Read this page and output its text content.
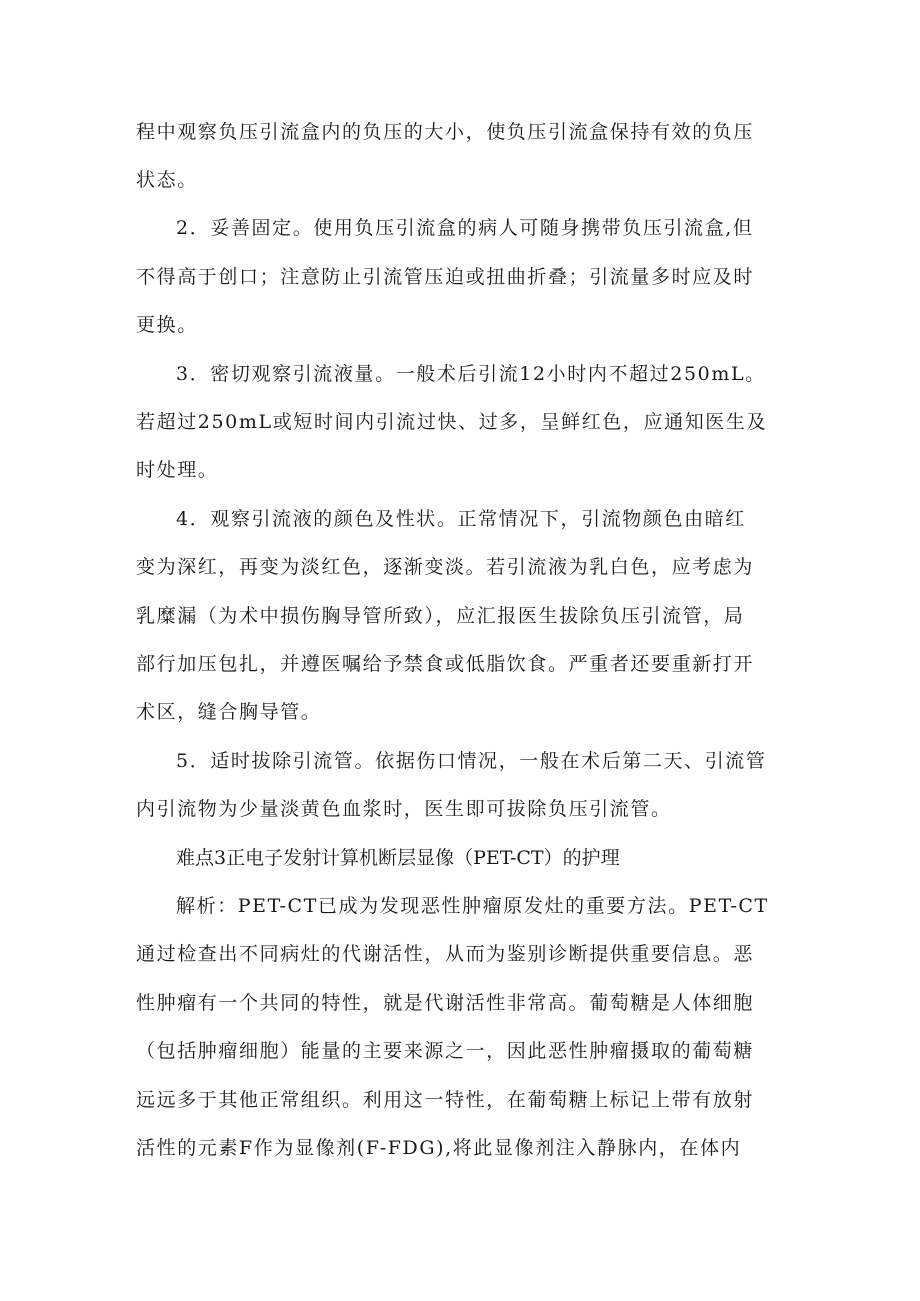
程中观察负压引流盒内的负压的大小，使负压引流盒保持有效的负压

状态。

2．妥善固定。使用负压引流盒的病人可随身携带负压引流盒,但

不得高于创口；注意防止引流管压迫或扭曲折叠；引流量多时应及时

更换。

3．密切观察引流液量。一般术后引流12小时内不超过250mL。

若超过250mL或短时间内引流过快、过多，呈鲜红色，应通知医生及

时处理。

4．观察引流液的颜色及性状。正常情况下，引流物颜色由暗红

变为深红，再变为淡红色，逐渐变淡。若引流液为乳白色，应考虑为

乳糜漏（为术中损伤胸导管所致），应汇报医生拔除负压引流管，局

部行加压包扎，并遵医嘱给予禁食或低脂饮食。严重者还要重新打开

术区，缝合胸导管。

5．适时拔除引流管。依据伤口情况，一般在术后第二天、引流管

内引流物为少量淡黄色血浆时，医生即可拔除负压引流管。

难点3正电子发射计算机断层显像（PET-CT）的护理

解析：PET-CT已成为发现恶性肿瘤原发灶的重要方法。PET-CT

通过检查出不同病灶的代谢活性，从而为鉴别诊断提供重要信息。恶

性肿瘤有一个共同的特性，就是代谢活性非常高。葡萄糖是人体细胞

（包括肿瘤细胞）能量的主要来源之一，因此恶性肿瘤摄取的葡萄糖

远远多于其他正常组织。利用这一特性，在葡萄糖上标记上带有放射

活性的元素F作为显像剂(F-FDG),将此显像剂注入静脉内，在体内
